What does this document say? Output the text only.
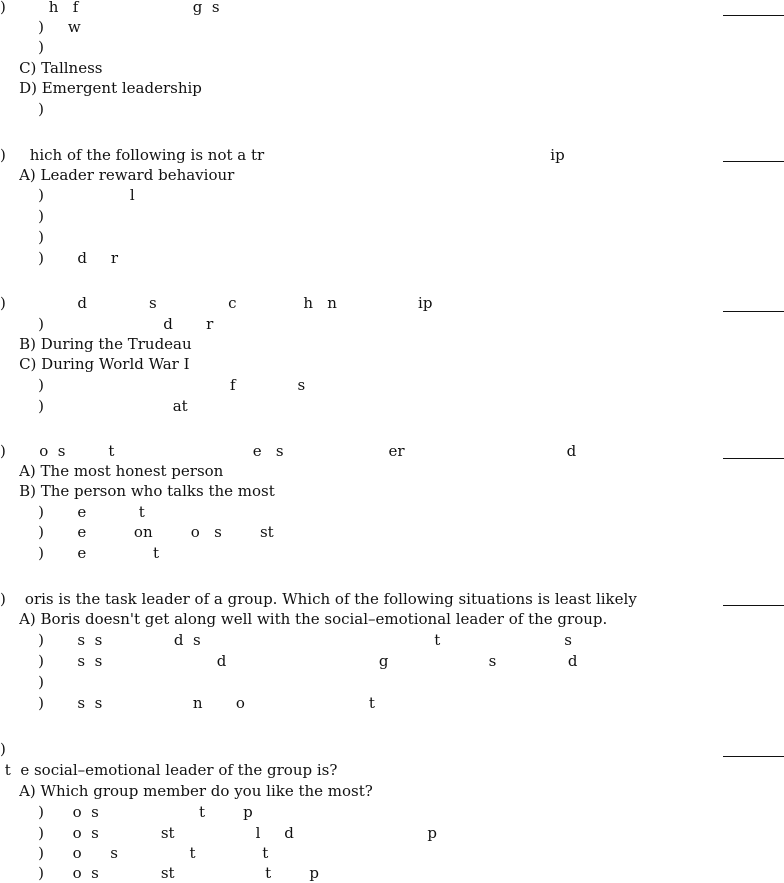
)         h   f                        g  s
)     w
)
C) Tallness
D) Emergent leadership
)
)     hich of the following is not a tr                                                            ip
A) Leader reward behaviour
)                  l
)
)
)       d     r
)               d             s               c              h   n                 ip
)                         d       r
B) During the Trudeau
C) During World War I
)                                       f             s
)                           at
)       o  s         t                             e   s                      er                                  d
A) The most honest person
B) The person who talks the most
)       e           t
)       e          on        o   s        st
)       e              t
)    oris is the task leader of a group. Which of the following situations is least likely
A) Boris doesn't get along well with the social–emotional leader of the group.
)       s  s               d  s                                                 t                          s
)       s  s                        d                                g                     s               d
)
)       s  s                   n       o                          t
)
t  e social–emotional leader of the group is?
A) Which group member do you like the most?
)      o  s                     t        p
)      o  s             st                 l     d                            p
)      o      s               t              t
)      o  s             st                   t        p
